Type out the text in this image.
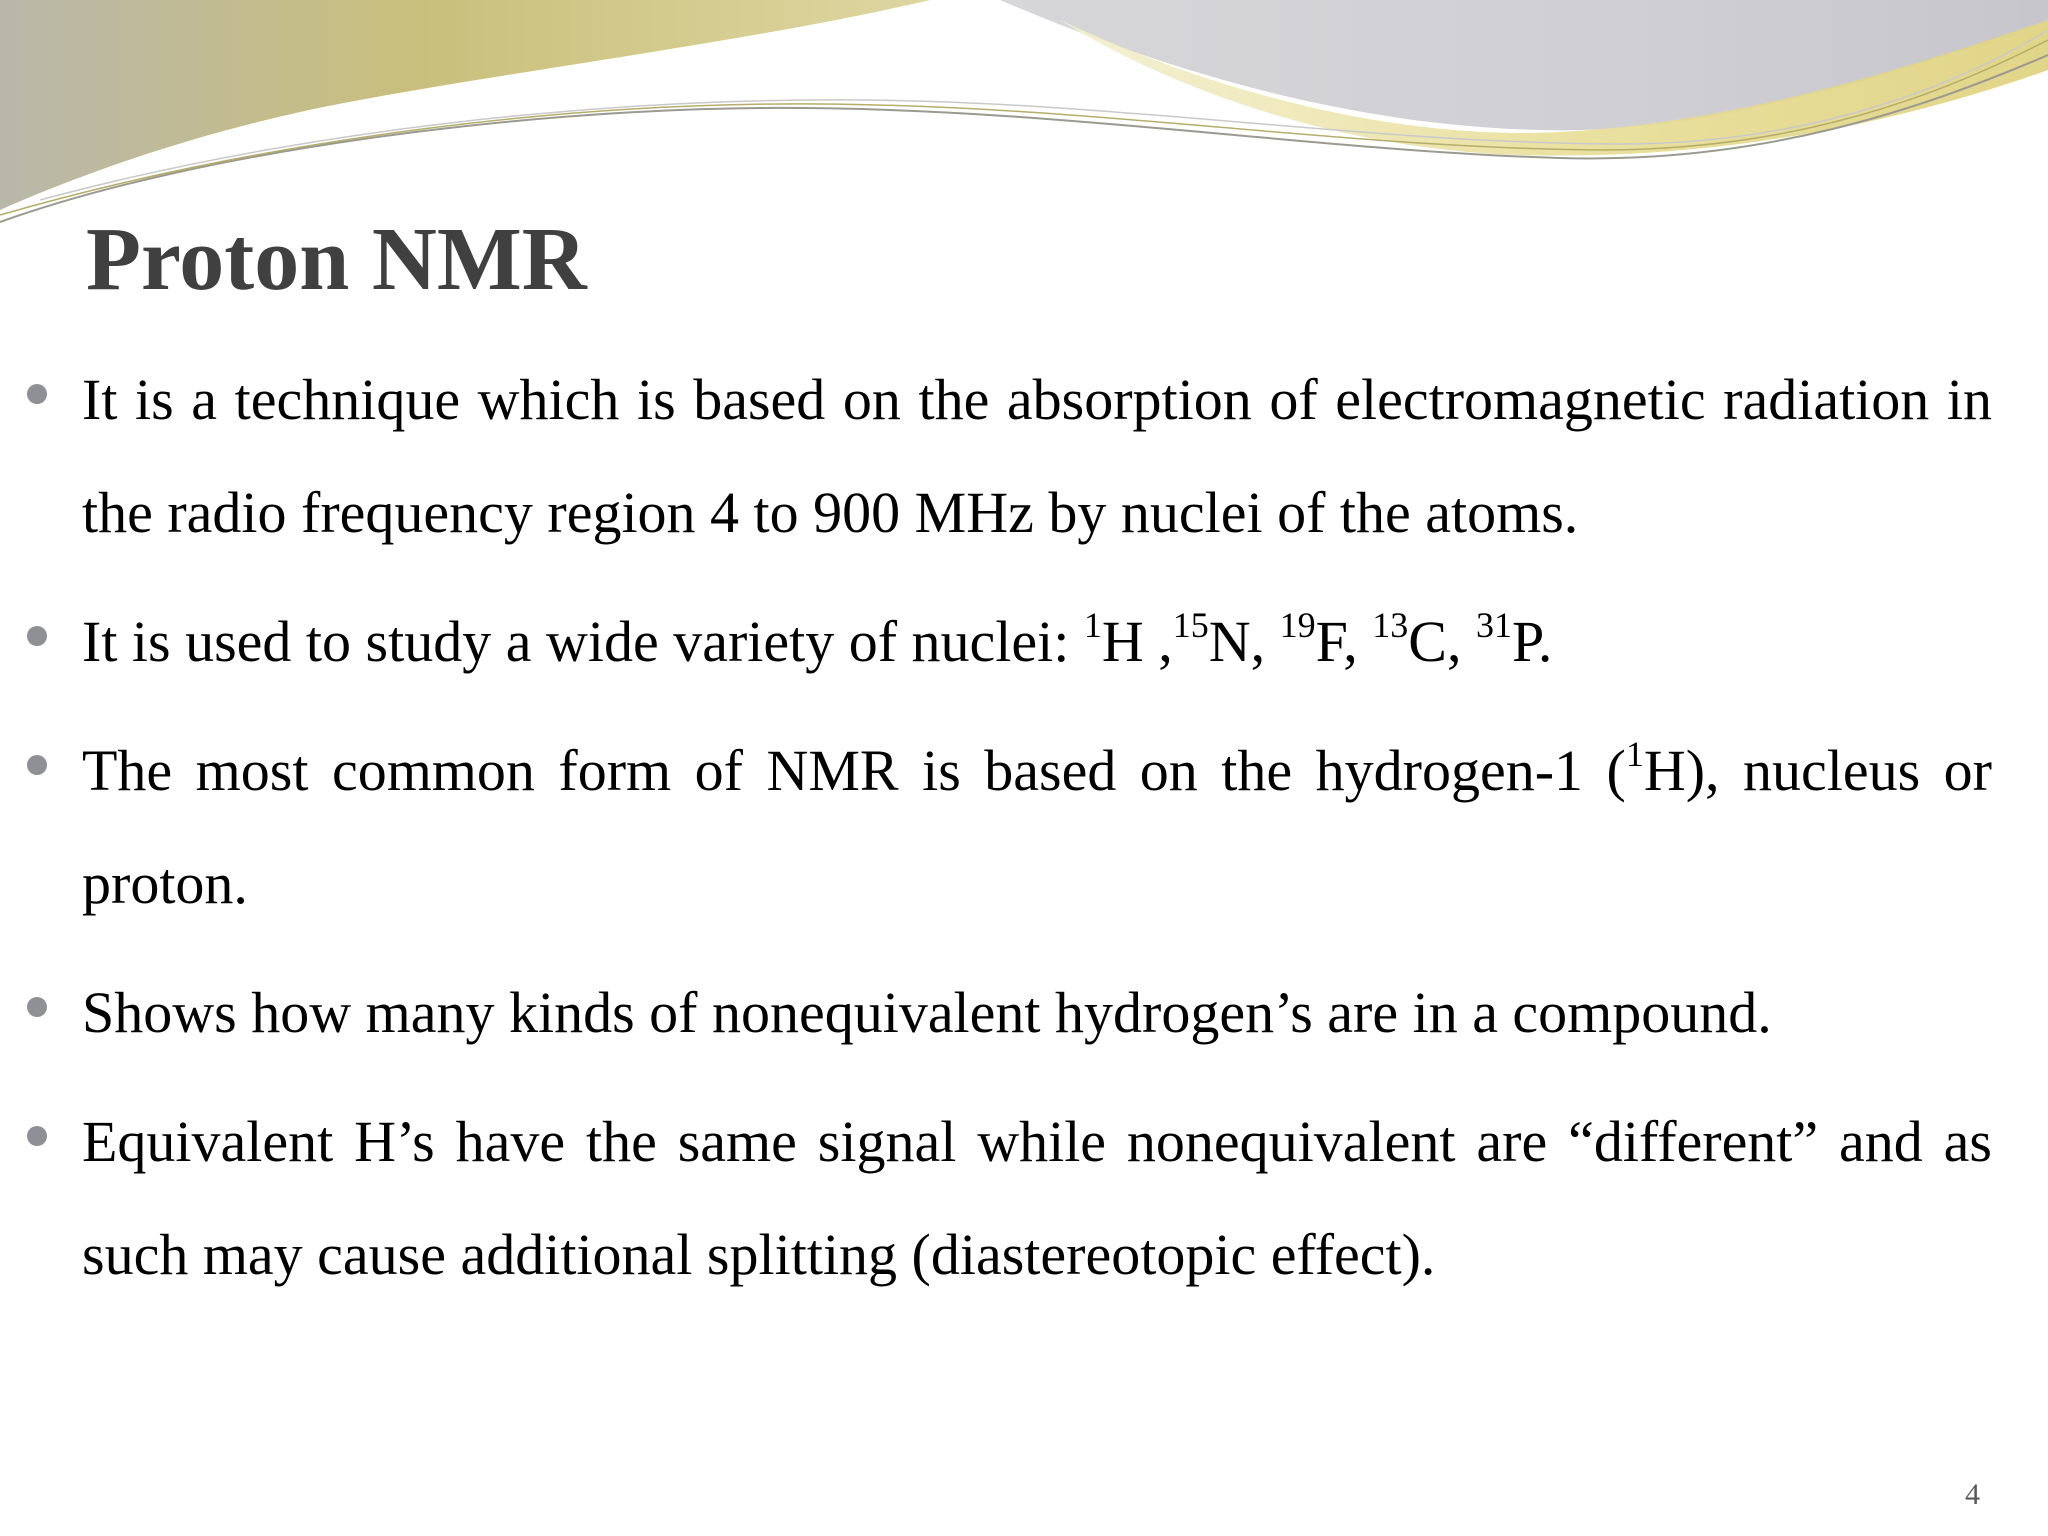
Proton NMR

It is a technique which is based on the absorption of electromagnetic radiation in the radio frequency region 4 to 900 MHz by nuclei of the atoms.

It is used to study a wide variety of nuclei: $^1$H ,$^{15}$N, $^{19}$F, $^{13}$C, $^{31}$P.

The most common form of NMR is based on the hydrogen-1 ($^1$H), nucleus or proton.

Shows how many kinds of nonequivalent hydrogen’s are in a compound.

Equivalent H’s have the same signal while nonequivalent are “different” and as such may cause additional splitting (diastereotopic effect).

4
